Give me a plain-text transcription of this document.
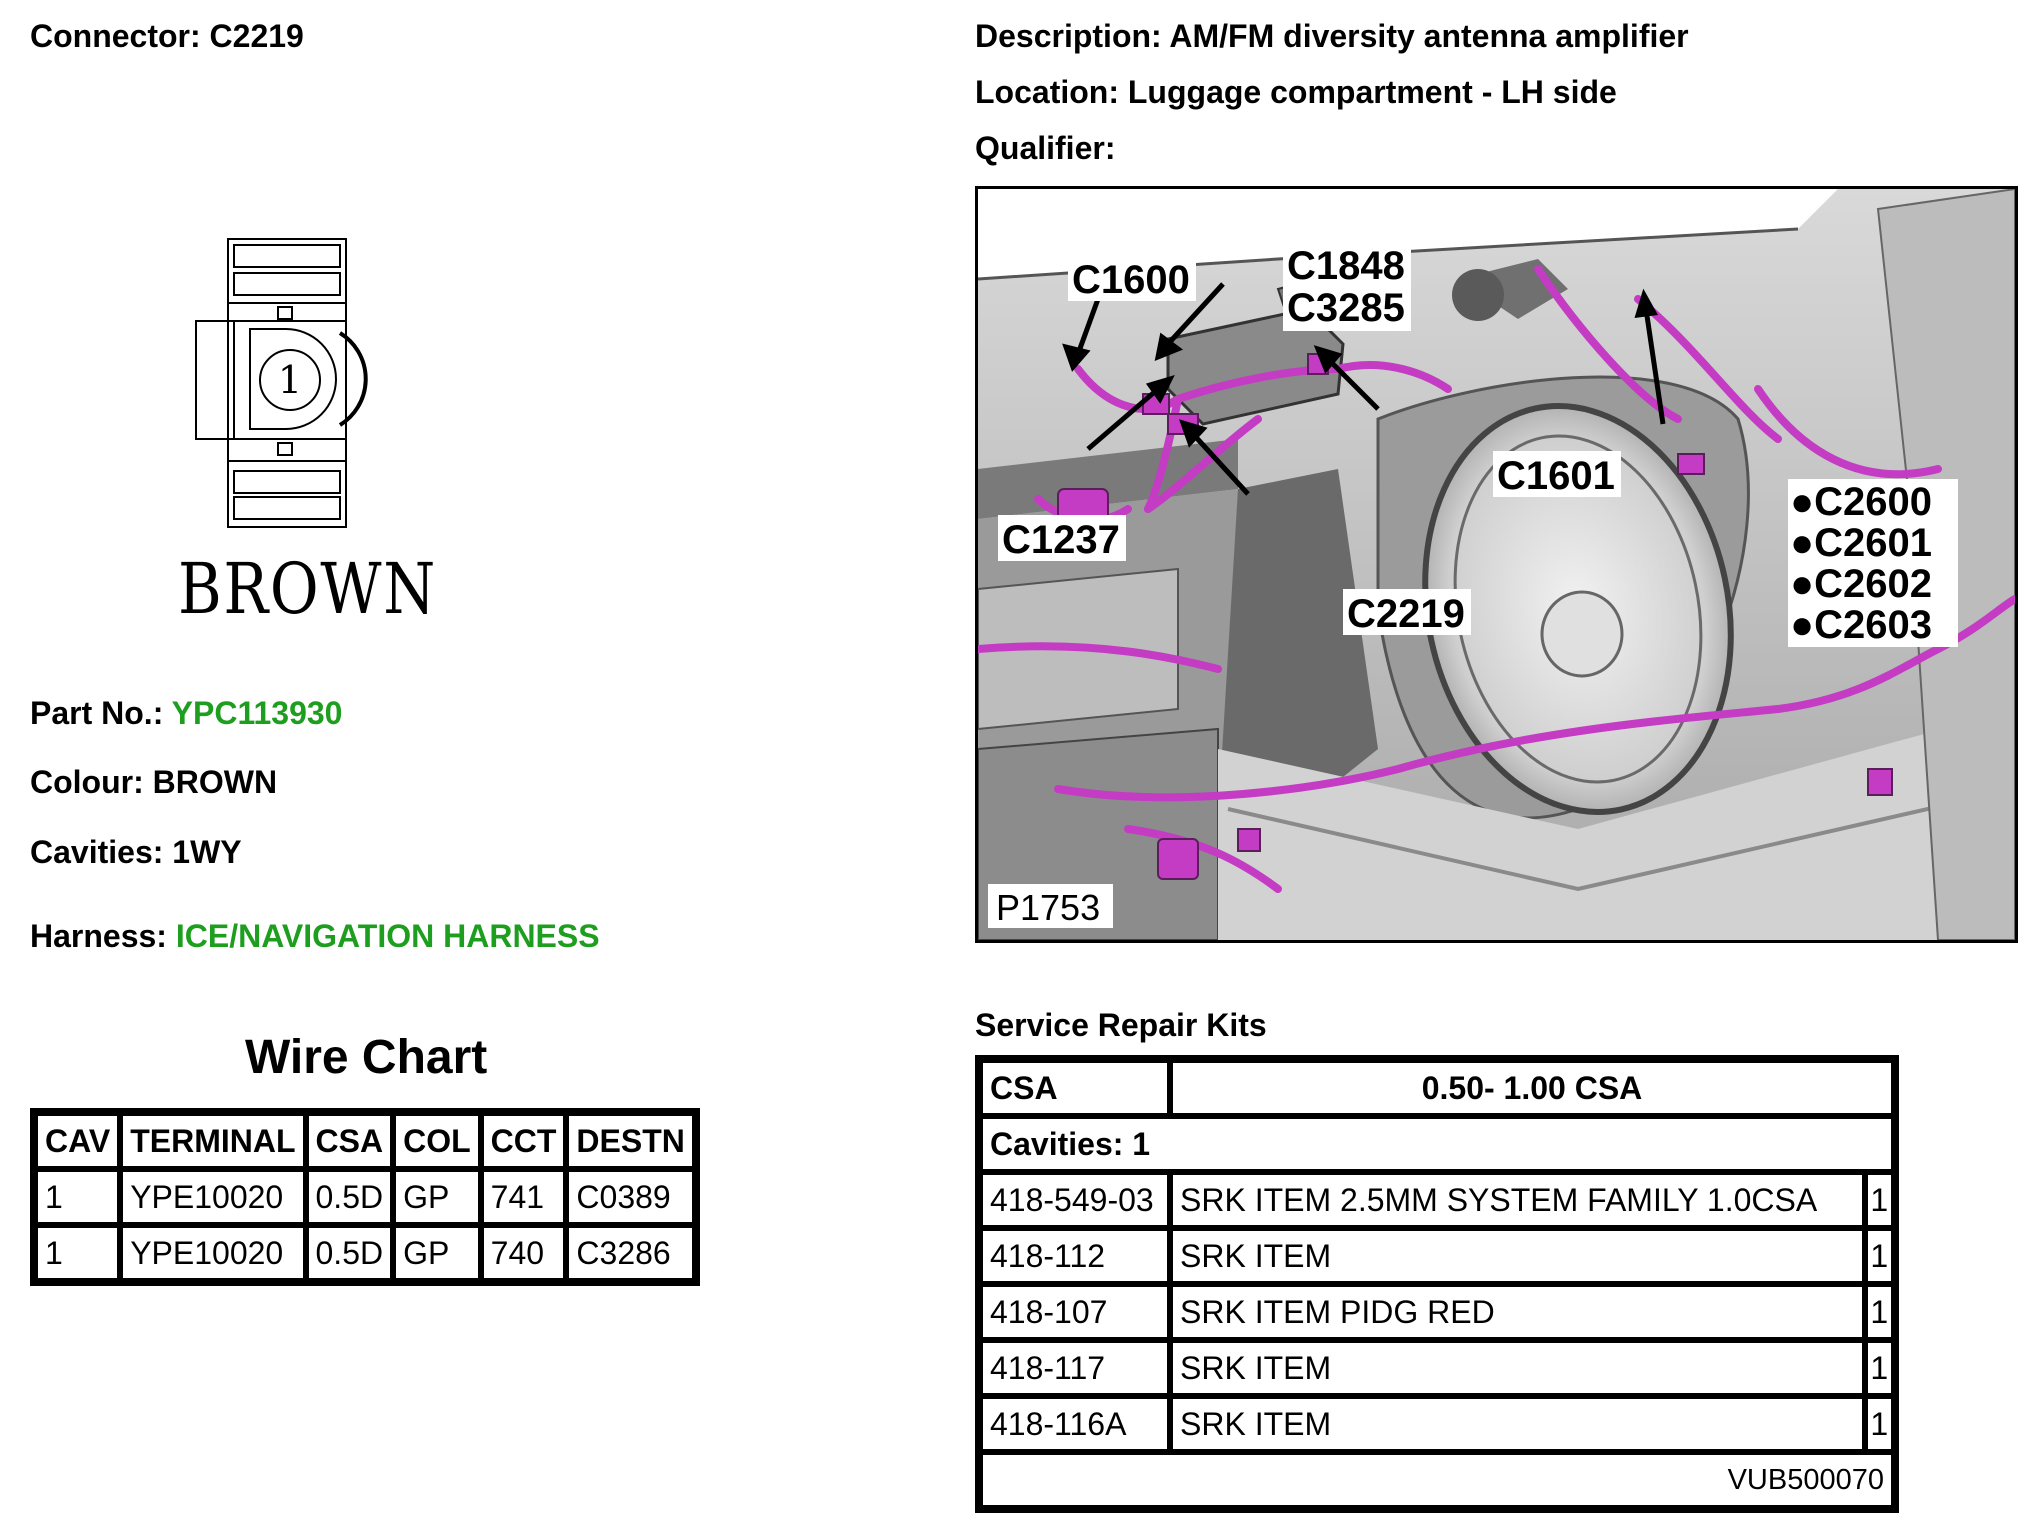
Connector: C2219	Description: AM/FM diversity antenna amplifier
Location: Luggage compartment - LH side
Qualifier:
1
BROWN
Part No.: YPC113930
Colour: BROWN
Cavities: 1WY
Harness: ICE/NAVIGATION HARNESS
Wire Chart
CAV	TERMINAL	CSA	COL	CCT	DESTN
1	YPE10020	0.5D	GP	741	C0389
1	YPE10020	0.5D	GP	740	C3286
C1600 C1848
C3285
C1601
C1237
C2219
●C2600
●C2601
●C2602
●C2603
P1753
Service Repair Kits
CSA	0.50- 1.00 CSA	
Cavities: 1		
418-549-03	SRK ITEM 2.5MM SYSTEM FAMILY 1.0CSA	1
418-112	SRK ITEM	1
418-107	SRK ITEM PIDG RED	1
418-117	SRK ITEM	1
418-116A	SRK ITEM	1
VUB500070		
